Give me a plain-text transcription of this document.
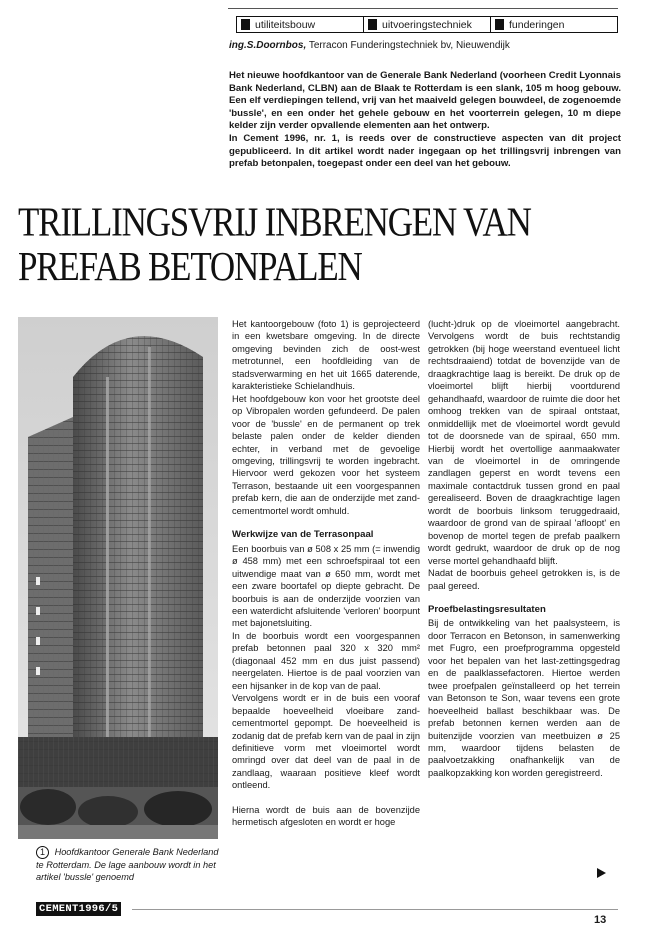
utiliteitsbouw	uitvoeringstechniek	funderingen
ing.S.Doornbos, Terracon Funderingstechniek bv, Nieuwendijk

Het nieuwe hoofdkantoor van de Generale Bank Nederland (voorheen Credit Lyonnais Bank Nederland, CLBN) aan de Blaak te Rotterdam is een slank, 105 m hoog gebouw. Een elf verdiepingen tellend, vrij van het maaiveld gelegen bouwdeel, de zogenoemde 'bussle', en een onder het gehele gebouw en het voorterrein gelegen, 10 m diepe kelder zijn verder opvallende elementen aan het ontwerp.

In Cement 1996, nr. 1, is reeds over de constructieve aspecten van dit project gepubliceerd. In dit artikel wordt nader ingegaan op het trillingsvrij inbrengen van prefab betonpalen, toegepast onder een deel van het gebouw.

TRILLINGSVRIJ INBRENGEN VAN
PREFAB BETONPALEN
1 Hoofdkantoor Generale Bank Nederland te Rotterdam. De lage aanbouw wordt in het artikel 'bussle' genoemd

Het kantoorgebouw (foto 1) is geprojecteerd in een kwetsbare omgeving. In de directe omgeving bevinden zich de oost-west metrotunnel, een hoofdleiding van de stadsverwarming en het uit 1665 daterende, karakteristieke Schielandhuis.

Het hoofdgebouw kon voor het grootste deel op Vibropalen worden gefundeerd. De palen voor de 'bussle' en de permanent op trek belaste palen onder de kelder dienden echter, in verband met de gevoelige omgeving, trillingsvrij te worden ingebracht. Hiervoor werd gekozen voor het systeem Terrason, bestaande uit een voorgespannen prefab kern, die aan de onderzijde met zand-cementmortel wordt omhuld.

Werkwijze van de Terrasonpaal

Een boorbuis van ø 508 x 25 mm (= inwendig ø 458 mm) met een schroefspiraal tot een uitwendige maat van ø 650 mm, wordt met een zware boortafel op diepte gebracht. De boorbuis is aan de onderzijde voorzien van een waterdicht afsluitende 'verloren' boorpunt met bajonetsluiting.

In de boorbuis wordt een voorgespannen prefab betonnen paal 320 x 320 mm² (diagonaal 452 mm en dus juist passend) neergelaten. Hiertoe is de paal voorzien van een hijsanker in de kop van de paal.

Vervolgens wordt er in de buis een vooraf bepaalde hoeveelheid vloeibare zand-cementmortel gepompt. De hoeveelheid is zodanig dat de prefab kern van de paal in zijn definitieve vorm met vloeimortel wordt omringd over dat deel van de paal in de zandlaag, waaraan positieve kleef wordt ontleend.

Hierna wordt de buis aan de bovenzijde hermetisch afgesloten en wordt er hoge

(lucht-)druk op de vloeimortel aangebracht. Vervolgens wordt de buis rechtstandig getrokken (bij hoge weerstand eventueel licht rechtsdraaiend) totdat de bovenzijde van de draagkrachtige laag is bereikt. De druk op de vloeimortel blijft hierbij voortdurend gehandhaafd, waardoor de ruimte die door het omhoog trekken van de spiraal ontstaat, onmiddellijk met de vloeimortel wordt gevuld tot de doorsnede van de spiraal, 650 mm. Hierbij wordt het overtollige aanmaakwater van de vloeimortel in de omringende zandlagen geperst en wordt tevens een maximale contactdruk tussen grond en paal gerealiseerd. Boven de draagkrachtige lagen wordt de boorbuis linksom teruggedraaid, waardoor de grond van de spiraal 'afloopt' en bovenop de mortel tegen de prefab paalkern wordt gedrukt, waardoor de druk op de nog verse mortel gehandhaafd blijft.

Nadat de boorbuis geheel getrokken is, is de paal gereed.

Proefbelastingsresultaten

Bij de ontwikkeling van het paalsysteem, is door Terracon en Betonson, in samenwerking met Fugro, een proefprogramma opgesteld voor het bepalen van het last-zettingsgedrag en de paalklassefactoren. Hiertoe werden twee proefpalen geïnstalleerd op het terrein van Betonson te Son, waar tevens een grote hoeveelheid ballast beschikbaar was. De prefab betonnen kernen werden aan de buitenzijde voorzien van meetbuizen ø 25 mm, waardoor tijdens belasten de paalvoetzakking onafhankelijk van de paalkopzakking kon worden geregistreerd.

CEMENT1996/5
13
